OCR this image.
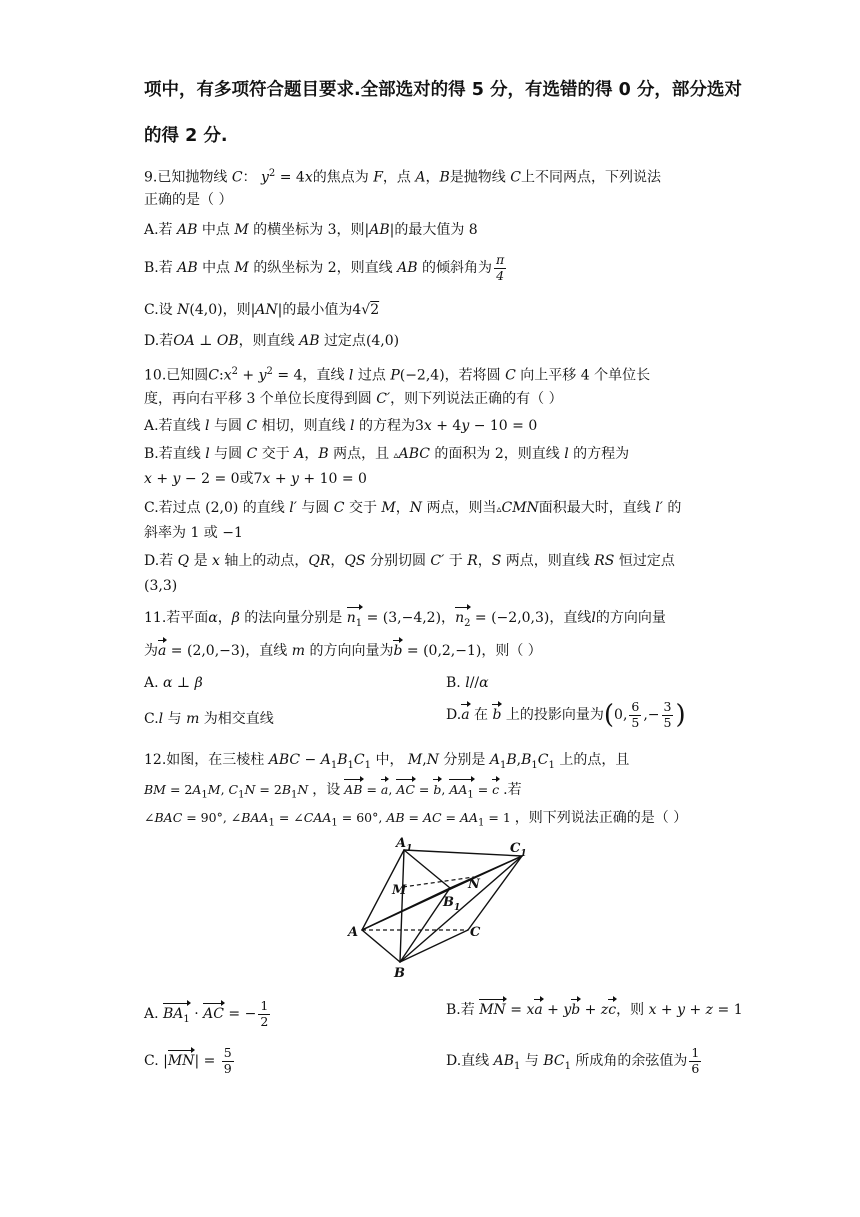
项中，有多项符合题目要求.全部选对的得 5 分，有选错的得 0 分，部分选对
的得 2 分.
9.已知抛物线 C： $y^2 = 4x$的焦点为 F，点 A，B是抛物线 C上不同两点，下列说法
正确的是（ ）
A.若 AB 中点 M 的横坐标为 3，则|AB|的最大值为 8
B.若 AB 中点 M 的纵坐标为 2，则直线 AB 的倾斜角为 $\frac{\pi}{4}$
C.设 N(4,0)，则|AN|的最小值为4√2
D.若OA ⊥ OB，则直线 AB 过定点(4,0)
10.已知圆$C:x^2 + y^2 = 4$，直线 l 过点 P(−2,4)，若将圆 C 向上平移 4 个单位长
度，再向右平移 3 个单位长度得到圆 C′，则下列说法正确的有（ ）
A.若直线 l 与圆 C 相切，则直线 l 的方程为3x + 4y − 10 = 0
B.若直线 l 与圆 C 交于 A，B 两点，且 ▵ABC 的面积为 2，则直线 l 的方程为
x + y − 2 = 0或7x + y + 10 = 0
C.若过点 (2,0) 的直线 l′ 与圆 C 交于 M，N 两点，则当▵CMN面积最大时，直线 l′ 的
斜率为 1 或 −1
D.若 Q 是 x 轴上的动点，QR，QS 分别切圆 C′ 于 R，S 两点，则直线 RS 恒过定点
(3,3)
11.若平面α，β 的法向量分别是 $n_1 = (3,-4,2)$，$n_2 = (-2,0,3)$，直线l的方向向量
为a = (2,0,−3)，直线 m 的方向向量为b = (0,2,−1)，则（ ）
A. α ⊥ β	B. l//α
C.l 与 m 为相交直线	D.a 在 b 上的投影向量为(0, $\frac{6}{5}$ ,− $\frac{3}{5}$ )
12.如图，在三棱柱 ABC − $A_1B_1C_1$ 中， M,N 分别是 $A_1B,B_1C_1$ 上的点，且
BM = $2A_1M$, $C_1N = 2B_1N$ ，设 AB = a, AC = b, $AA_1 = c$ .若
∠BAC = 90°, $\angle BAA_1$ = $\angle CAA_1 = 60^\circ$, AB = AC = $AA_1 = 1$ ，则下列说法正确的是（ ）
$A_1$	$C_1$
M
$B_1$
N
A	C
B
A. $BA_1$ · AC = − $\frac{1}{2}$	B.若 MN = xa + yb + zc，则 x + y + z = 1
C. $|MN| = \frac{5}{9}$	D.直线 $AB_1$ 与 $BC_1$ 所成角的余弦值为 $\frac{1}{6}$
